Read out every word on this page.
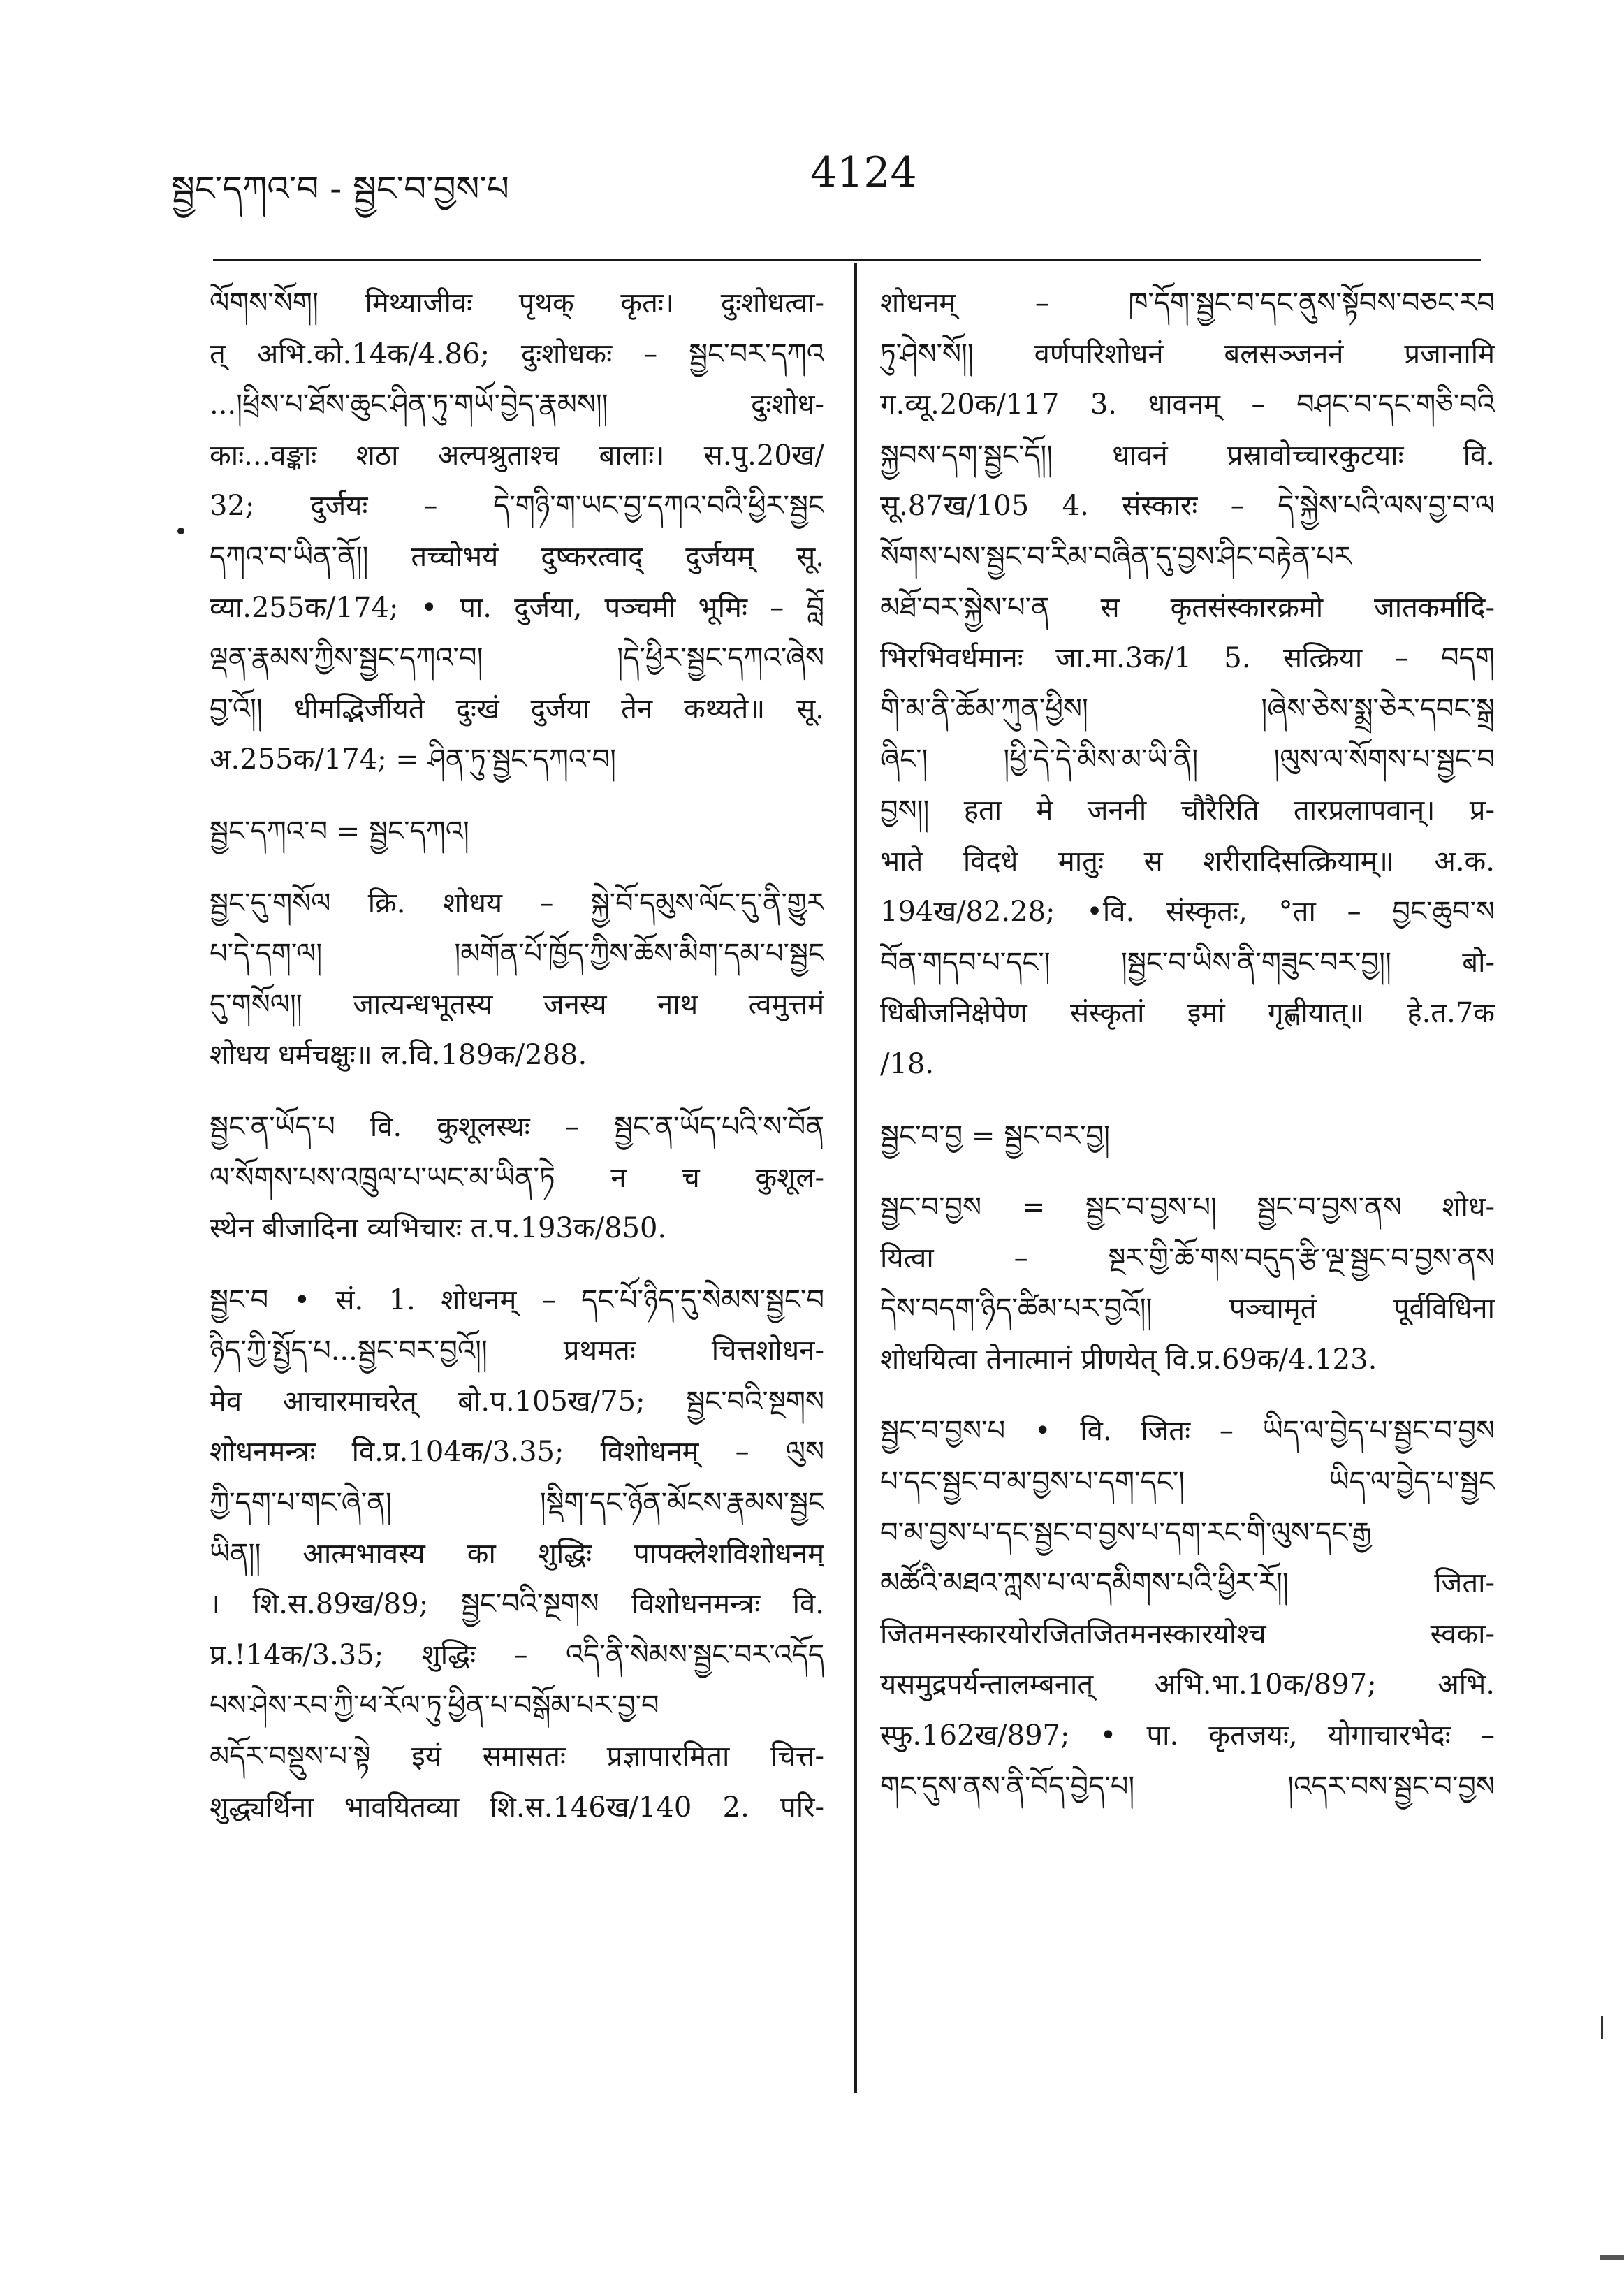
སྦྱང་དཀའ་བ - སྦྱང་བ་བྱས་པ	4124
ལོགས་སོག། मिथ्याजीवः पृथक् कृतः। दुःशोधत्वा-
त् अभि.को.14क/4.86; दुःशोधकः – སྦྱང་བར་དཀའ
...།ཕྲིས་པ་ཐོས་ཆུང་ཤིན་ཏུ་གཡོ་བྱེད་རྣམས།། दुःशोध-
काः...वङ्काः शठा अल्पश्रुताश्च बालाः। स.पु.20ख/
32; दुर्जयः – དེ་གཉི་ག་ཡང་བྱ་དཀའ་བའི་ཕྱིར་སྦྱང
དཀའ་བ་ཡིན་ནོ།། तच्चोभयं दुष्करत्वाद् दुर्जयम् सू.
व्या.255क/174; • पा. दुर्जया, पञ्चमी भूमिः – བློ
ལྡན་རྣམས་ཀྱིས་སྦྱང་དཀའ་བ། །དེ་ཕྱིར་སྦྱང་དཀའ་ཞེས
བྱ་འོ།། धीमद्भिर्जीयते दुःखं दुर्जया तेन कथ्यते॥ सू.
अ.255क/174; = ཤིན་ཏུ་སྦྱང་དཀའ་བ།
སྦྱང་དཀའ་བ = སྦྱང་དཀའ།
སྦྱང་དུ་གསོལ क्रि. शोधय – སྐྱེ་བོ་དམུས་ལོང་དུ་ནི་གྱུར
པ་དེ་དག་ལ། །མགོན་པོ་ཁྱོད་ཀྱིས་ཆོས་མིག་དམ་པ་སྦྱང
དུ་གསོལ།། जात्यन्धभूतस्य जनस्य नाथ त्वमुत्तमं
शोधय धर्मचक्षुः॥ ल.वि.189क/288.
སྦྱང་ན་ཡོད་པ वि. कुशूलस्थः – སྦྱང་ན་ཡོད་པའི་ས་བོན
ལ་སོགས་པས་འཁྲུལ་པ་ཡང་མ་ཡིན་ཏེ न च कुशूल-
स्थेन बीजादिना व्यभिचारः त.प.193क/850.
སྦྱང་བ • सं. 1. शोधनम् – དང་པོ་ཉིད་དུ་སེམས་སྦྱང་བ
ཉིད་ཀྱི་སྤྱོད་པ...སྦྱང་བར་བྱའོ།། प्रथमतः चित्तशोधन-
मेव आचारमाचरेत् बो.प.105ख/75; སྦྱང་བའི་སྔགས
शोधनमन्त्रः वि.प्र.104क/3.35; विशोधनम् – ལུས
ཀྱི་དག་པ་གང་ཞེ་ན། །སྡིག་དང་ཉོན་མོངས་རྣམས་སྦྱང
ཡིན།། आत्मभावस्य का शुद्धिः पापक्लेशविशोधनम्
। शि.स.89ख/89; སྦྱང་བའི་སྔགས विशोधनमन्त्रः वि.
प्र.!14क/3.35; शुद्धिः – འདི་ནི་སེམས་སྦྱང་བར་འདོད
པས་ཤེས་རབ་ཀྱི་ཕ་རོལ་ཏུ་ཕྱིན་པ་བསྒོམ་པར་བྱ་བ
མདོར་བསྡུས་པ་སྟེ इयं समासतः प्रज्ञापारमिता चित्त-
शुद्ध्यर्थिना भावयितव्या शि.स.146ख/140 2. परि-
शोधनम् – ཁ་དོག་སྦྱང་བ་དང་ནུས་སྟོབས་བཅང་རབ
ཏུ་ཤེས་སོ།། वर्णपरिशोधनं बलसञ्जननं प्रजानामि
ग.व्यू.20क/117 3. धावनम् – བཤང་བ་དང་གཅི་བའི
སྐྱབས་དག་སྦྱང་དོ།། धावनं प्रस्रावोच्चारकुटयाः वि.
सू.87ख/105 4. संस्कारः – དེ་སྐྱེས་པའི་ལས་བྱ་བ་ལ
སོགས་པས་སྦྱང་བ་རིམ་བཞིན་དུ་བྱས་ཤིང་བརྟེན་པར
མཐོ་བར་སྐྱེས་པ་ན स कृतसंस्कारक्रमो जातकर्मादि-
भिरभिवर्धमानः जा.मा.3क/1 5. सत्क्रिया – བདག
གི་མ་ནི་ཆོམ་ཀུན་ཕྱིས། །ཞེས་ཅེས་སྨྲ་ཅེར་དབང་སྒྲ
ཞིང་། །ཕྱི་དེ་དེ་མིས་མ་ཡི་ནི། །ལུས་ལ་སོགས་པ་སྦྱང་བ
བྱས།། हता मे जननी चौरैरिति तारप्रलापवान्। प्र-
भाते विदधे मातुः स शरीरादिसत्क्रियाम्॥ अ.क.
194ख/82.28; •वि. संस्कृतः, °ता – བྱང་ཆུབ་ས
བོན་གདབ་པ་དང་། །སྦྱང་བ་ཡིས་ནི་གཟུང་བར་བྱ།། बो-
धिबीजनिक्षेपेण संस्कृतां इमां गृह्णीयात्॥ हे.त.7क
/18.
སྦྱང་བ་བྱ = སྦྱང་བར་བྱ།
སྦྱང་བ་བྱས = སྦྱང་བ་བྱས་པ། སྦྱང་བ་བྱས་ནས शोध-
यित्वा – སྔར་གྱི་ཆོ་གས་བདུད་རྩི་ལྔ་སྦྱང་བ་བྱས་ནས
དེས་བདག་ཉིད་ཚིམ་པར་བྱའོ།། पञ्चामृतं पूर्वविधिना
शोधयित्वा तेनात्मानं प्रीणयेत् वि.प्र.69क/4.123.
སྦྱང་བ་བྱས་པ • वि. जितः – ཡིད་ལ་བྱེད་པ་སྦྱང་བ་བྱས
པ་དང་སྦྱང་བ་མ་བྱས་པ་དག་དང་། ཡིད་ལ་བྱེད་པ་སྦྱང
བ་མ་བྱས་པ་དང་སྦྱང་བ་བྱས་པ་དག་རང་གི་ལུས་དང་རྒྱ
མཚོའི་མཐའ་ཀླས་པ་ལ་དམིགས་པའི་ཕྱིར་རོ།། जिता-
जितमनस्कारयोरजितजितमनस्कारयोश्च स्वका-
यसमुद्रपर्यन्तालम्बनात् अभि.भा.10क/897; अभि.
स्फु.162ख/897; • पा. कृतजयः, योगाचारभेदः –
གང་དུས་ནས་ནི་བོད་བྱེད་པ། །འདར་བས་སྦྱང་བ་བྱས
